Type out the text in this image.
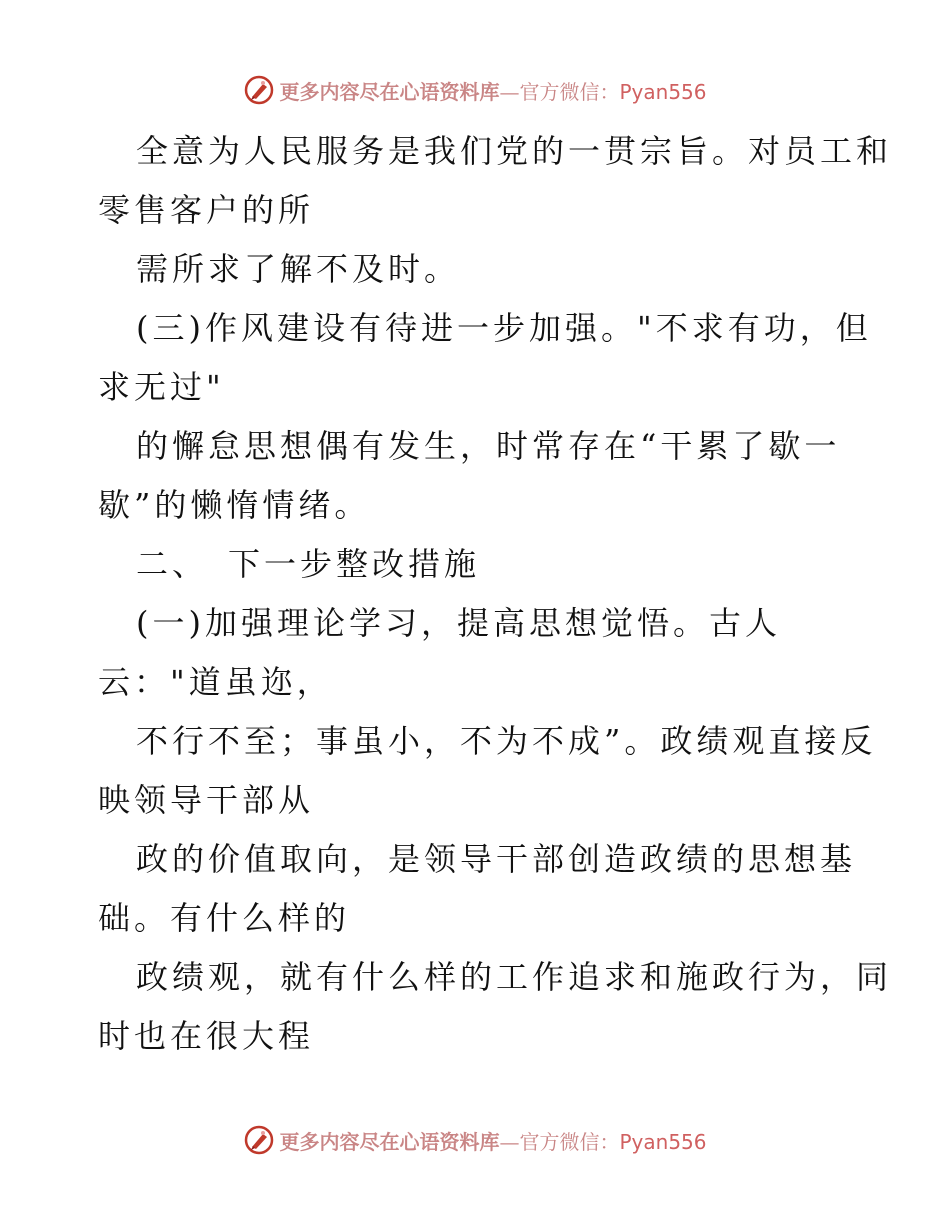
更多内容尽在心语资料库—官方微信：Pyan556
全意为人民服务是我们党的一贯宗旨。对员工和
零售客户的所
需所求了解不及时。
(三)作风建设有待进一步加强。"不求有功，但
求无过"
的懈怠思想偶有发生，时常存在“干累了歇一
歇”的懒惰情绪。
二、　下一步整改措施
(一)加强理论学习，提高思想觉悟。古人
云："道虽迩，
不行不至；事虽小，不为不成”。政绩观直接反
映领导干部从
政的价值取向，是领导干部创造政绩的思想基
础。有什么样的
政绩观，就有什么样的工作追求和施政行为，同
时也在很大程
更多内容尽在心语资料库—官方微信：Pyan556
